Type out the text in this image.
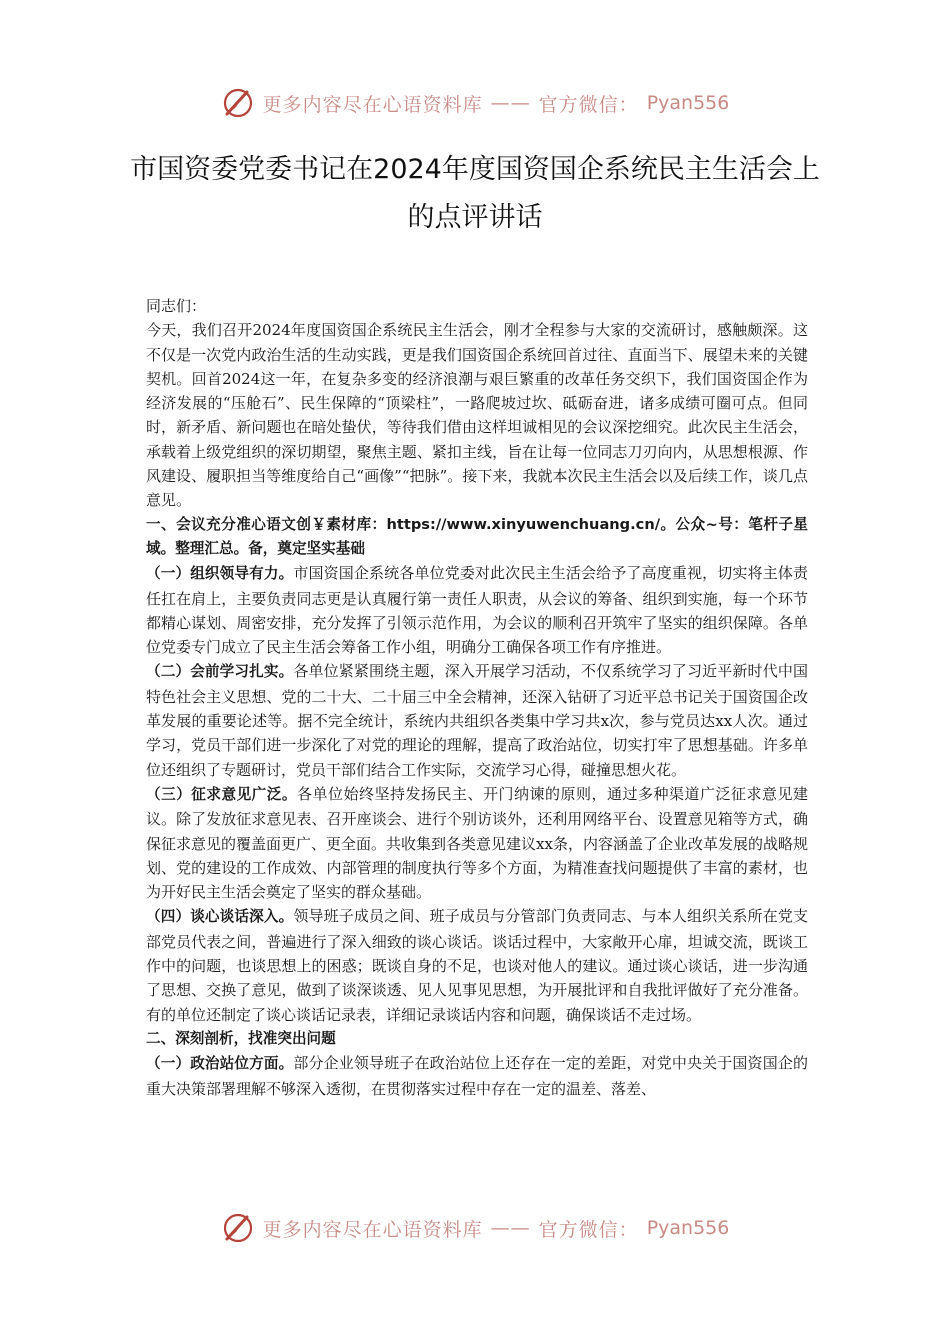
更多内容尽在心语资料库 —— 官方微信： Pyan556
市国资委党委书记在2024年度国资国企系统民主生活会上的点评讲话

同志们：

今天，我们召开2024年度国资国企系统民主生活会，刚才全程参与大家的交流研讨，感触颇深。这不仅是一次党内政治生活的生动实践，更是我们国资国企系统回首过往、直面当下、展望未来的关键契机。回首2024这一年，在复杂多变的经济浪潮与艰巨繁重的改革任务交织下，我们国资国企作为经济发展的“压舱石”、民生保障的“顶梁柱”，一路爬坡过坎、砥砺奋进，诸多成绩可圈可点。但同时，新矛盾、新问题也在暗处蛰伏，等待我们借由这样坦诚相见的会议深挖细究。此次民主生活会，承载着上级党组织的深切期望，聚焦主题、紧扣主线，旨在让每一位同志刀刃向内，从思想根源、作风建设、履职担当等维度给自己“画像”“把脉”。接下来，我就本次民主生活会以及后续工作，谈几点意见。

一、会议充分准心语文创￥素材库：https://www.xinyuwenchuang.cn/。公众~号：笔杆子星域。整理汇总。备，奠定坚实基础

（一）组织领导有力。市国资国企系统各单位党委对此次民主生活会给予了高度重视，切实将主体责任扛在肩上，主要负责同志更是认真履行第一责任人职责，从会议的筹备、组织到实施，每一个环节都精心谋划、周密安排，充分发挥了引领示范作用，为会议的顺利召开筑牢了坚实的组织保障。各单位党委专门成立了民主生活会筹备工作小组，明确分工确保各项工作有序推进。

（二）会前学习扎实。各单位紧紧围绕主题，深入开展学习活动，不仅系统学习了习近平新时代中国特色社会主义思想、党的二十大、二十届三中全会精神，还深入钻研了习近平总书记关于国资国企改革发展的重要论述等。据不完全统计，系统内共组织各类集中学习共x次，参与党员达xx人次。通过学习，党员干部们进一步深化了对党的理论的理解，提高了政治站位，切实打牢了思想基础。许多单位还组织了专题研讨，党员干部们结合工作实际，交流学习心得，碰撞思想火花。

（三）征求意见广泛。各单位始终坚持发扬民主、开门纳谏的原则，通过多种渠道广泛征求意见建议。除了发放征求意见表、召开座谈会、进行个别访谈外，还利用网络平台、设置意见箱等方式，确保征求意见的覆盖面更广、更全面。共收集到各类意见建议xx条，内容涵盖了企业改革发展的战略规划、党的建设的工作成效、内部管理的制度执行等多个方面，为精准查找问题提供了丰富的素材，也为开好民主生活会奠定了坚实的群众基础。

（四）谈心谈话深入。领导班子成员之间、班子成员与分管部门负责同志、与本人组织关系所在党支部党员代表之间，普遍进行了深入细致的谈心谈话。谈话过程中，大家敞开心扉，坦诚交流，既谈工作中的问题，也谈思想上的困惑；既谈自身的不足，也谈对他人的建议。通过谈心谈话，进一步沟通了思想、交换了意见，做到了谈深谈透、见人见事见思想，为开展批评和自我批评做好了充分准备。有的单位还制定了谈心谈话记录表，详细记录谈话内容和问题，确保谈话不走过场。

二、深刻剖析，找准突出问题

（一）政治站位方面。部分企业领导班子在政治站位上还存在一定的差距，对党中央关于国资国企的重大决策部署理解不够深入透彻，在贯彻落实过程中存在一定的温差、落差、

更多内容尽在心语资料库 —— 官方微信： Pyan556
